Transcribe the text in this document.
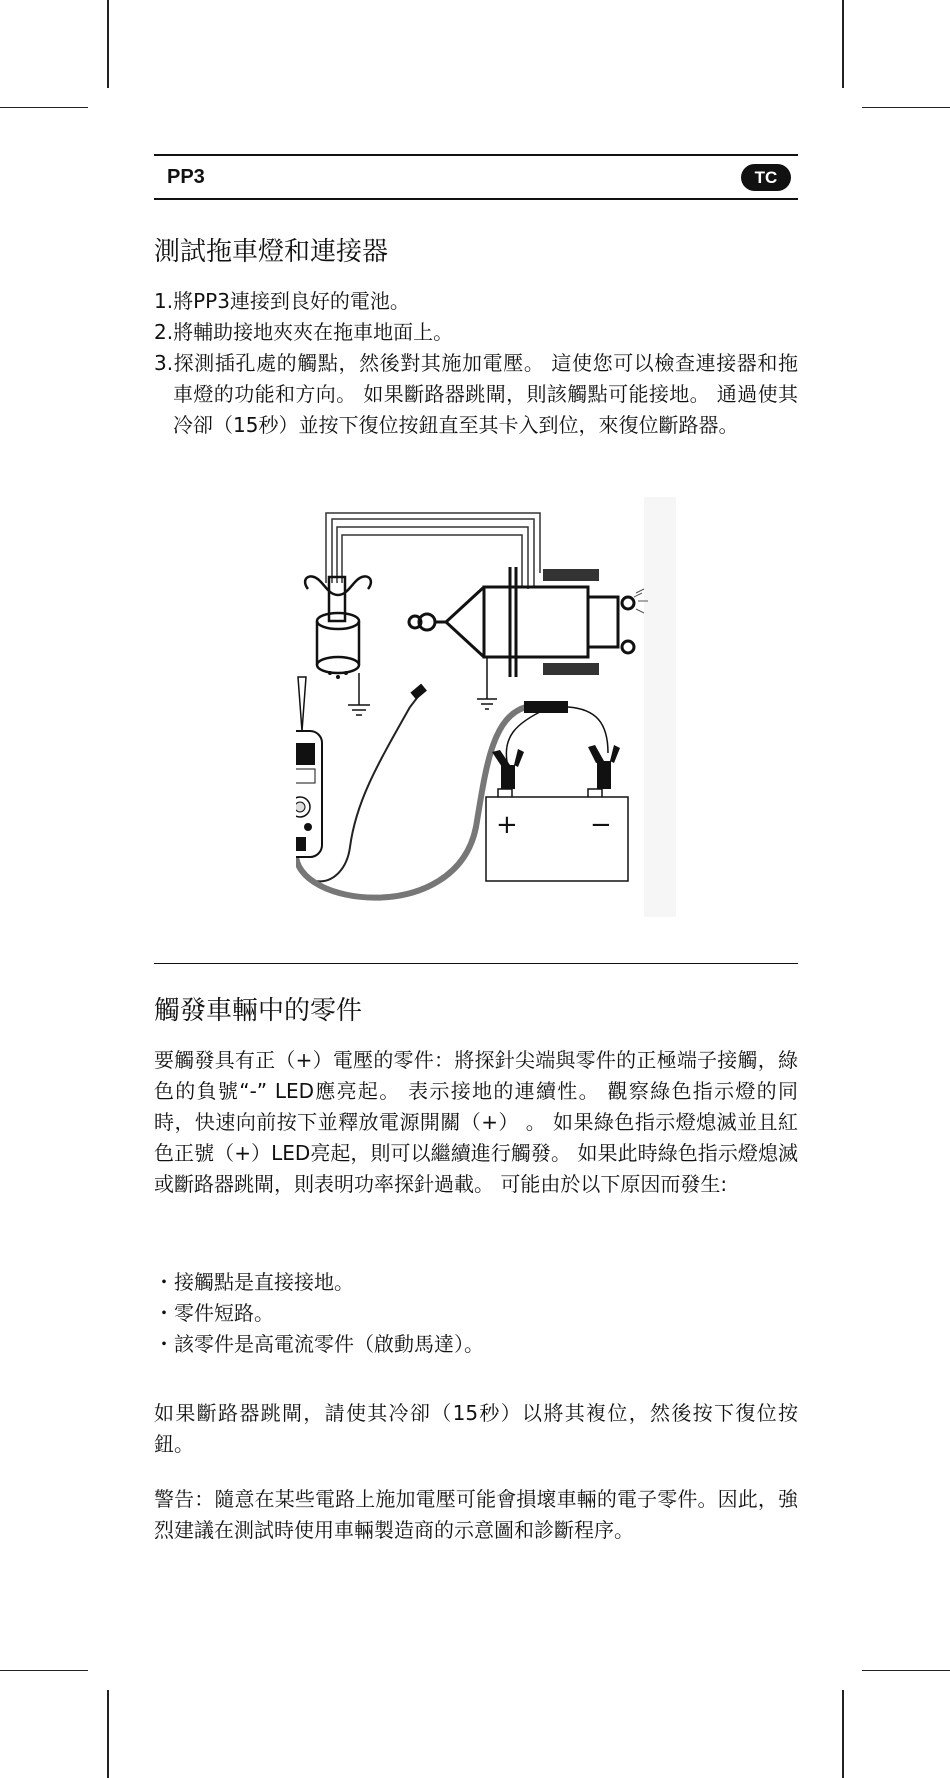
PP3	TC
測試拖車燈和連接器
1.將PP3連接到良好的電池。
2.將輔助接地夾夾在拖車地面上。
3.探測插孔處的觸點，然後對其施加電壓。 這使您可以檢查連接器和拖車燈的功能和方向。 如果斷路器跳閘，則該觸點可能接地。 通過使其冷卻（15秒）並按下復位按鈕直至其卡入到位，來復位斷路器。
+	−
觸發車輛中的零件

要觸發具有正（+）電壓的零件：將探針尖端與零件的正極端子接觸，綠色的負號“-” LED應亮起。 表示接地的連續性。 觀察綠色指示燈的同時，快速向前按下並釋放電源開關（+） 。 如果綠色指示燈熄滅並且紅色正號（+）LED亮起，則可以繼續進行觸發。 如果此時綠色指示燈熄滅或斷路器跳閘，則表明功率探針過載。 可能由於以下原因而發生:

・ 接觸點是直接接地。
・ 零件短路。
・ 該零件是高電流零件（啟動馬達）。

如果斷路器跳閘，請使其冷卻（15秒）以將其複位，然後按下復位按鈕。

警告：隨意在某些電路上施加電壓可能會損壞車輛的電子零件。因此，強烈建議在測試時使用車輛製造商的示意圖和診斷程序。
